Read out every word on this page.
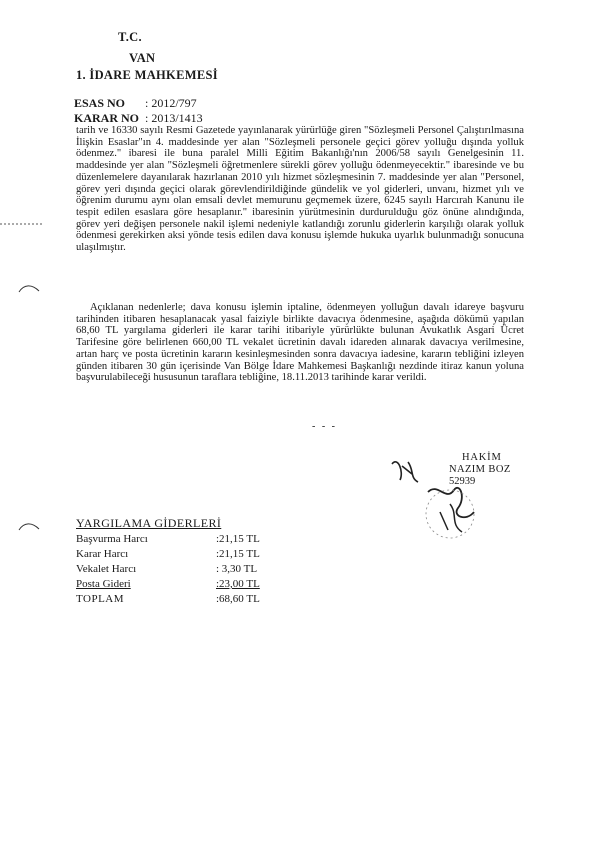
T.C.
VAN
1. İDARE MAHKEMESİ
ESAS NO : 2012/797
KARAR NO : 2013/1413

tarih ve 16330 sayılı Resmi Gazetede yayınlanarak yürürlüğe giren "Sözleşmeli Personel Çalıştırılmasına İlişkin Esaslar"ın 4. maddesinde yer alan "Sözleşmeli personele geçici görev yolluğu dışında yolluk ödenmez." ibaresi ile buna paralel Milli Eğitim Bakanlığı'nın 2006/58 sayılı Genelgesinin 11. maddesinde yer alan "Sözleşmeli öğretmenlere sürekli görev yolluğu ödenmeyecektir." ibaresinde ve bu düzenlemelere dayanılarak hazırlanan 2010 yılı hizmet sözleşmesinin 7. maddesinde yer alan "Personel, görev yeri dışında geçici olarak görevlendirildiğinde gündelik ve yol giderleri, unvanı, hizmet yılı ve öğrenim durumu aynı olan emsali devlet memurunu geçmemek üzere, 6245 sayılı Harcırah Kanunu ile tespit edilen esaslara göre hesaplanır." ibaresinin yürütmesinin durdurulduğu göz önüne alındığında, görev yeri değişen personele nakil işlemi nedeniyle katlandığı zorunlu giderlerin karşılığı olarak yolluk ödenmesi gerekirken aksi yönde tesis edilen dava konusu işlemde hukuka uyarlık bulunmadığı sonucuna ulaşılmıştır.

Açıklanan nedenlerle; dava konusu işlemin iptaline, ödenmeyen yolluğun davalı idareye başvuru tarihinden itibaren hesaplanacak yasal faiziyle birlikte davacıya ödenmesine, aşağıda dökümü yapılan 68,60 TL yargılama giderleri ile karar tarihi itibariyle yürürlükte bulunan Avukatlık Asgari Ücret Tarifesine göre belirlenen 660,00 TL vekalet ücretinin davalı idareden alınarak davacıya verilmesine, artan harç ve posta ücretinin kararın kesinleşmesinden sonra davacıya iadesine, kararın tebliğini izleyen günden itibaren 30 gün içerisinde Van Bölge İdare Mahkemesi Başkanlığı nezdinde itiraz kanun yoluna başvurulabileceği hususunun taraflara tebliğine, 18.11.2013 tarihinde karar verildi.

- - -
HAKİM
NAZIM BOZ
52939
YARGILAMA GİDERLERİ
Başvurma Harcı	:21,15 TL
Karar Harcı	:21,15 TL
Vekalet Harcı	: 3,30 TL
Posta Gideri	:23,00 TL
TOPLAM	:68,60 TL
